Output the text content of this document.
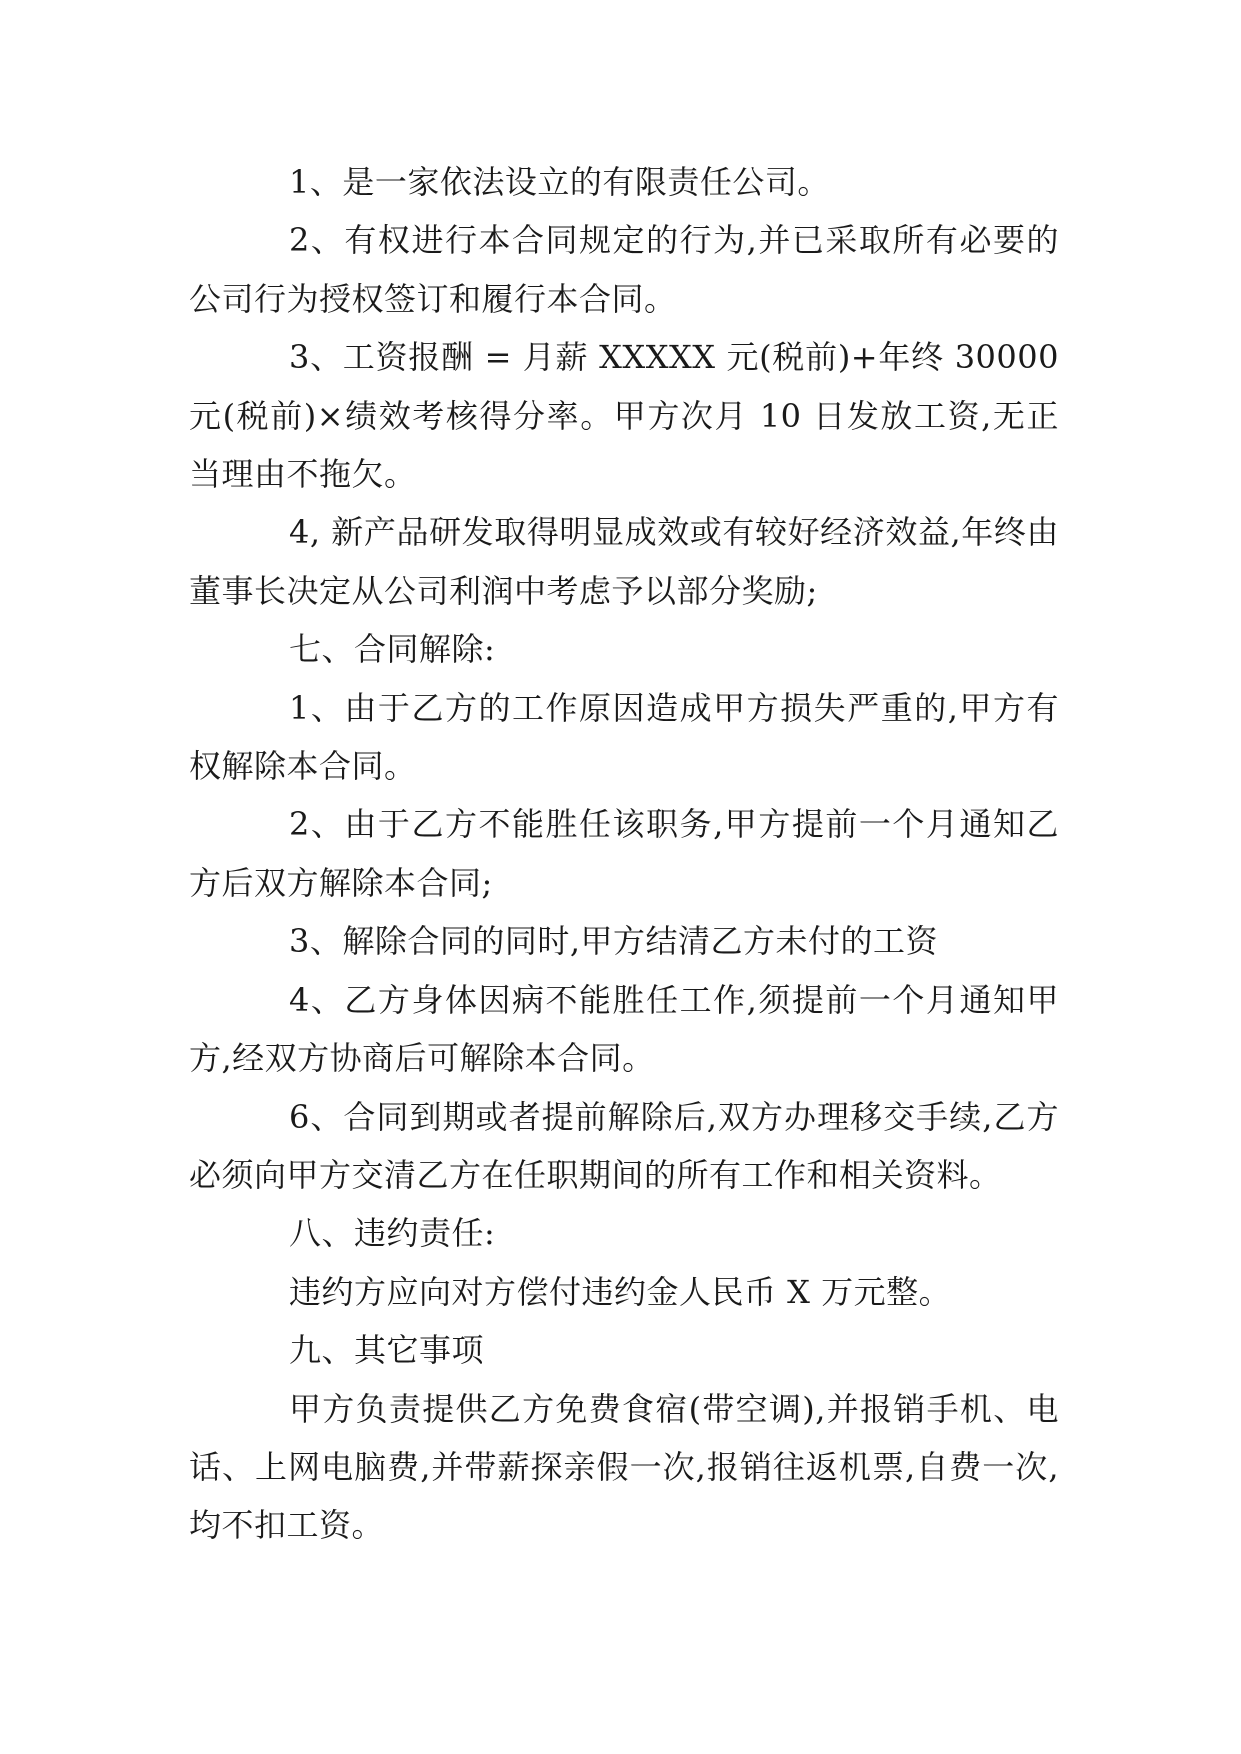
1、是一家依法设立的有限责任公司。

2、有权进行本合同规定的行为,并已采取所有必要的公司行为授权签订和履行本合同。

3、工资报酬 = 月薪 XXXXX 元(税前)+年终 30000 元(税前)×绩效考核得分率。甲方次月 10 日发放工资,无正当理由不拖欠。

4, 新产品研发取得明显成效或有较好经济效益,年终由董事长决定从公司利润中考虑予以部分奖励;

七、合同解除:

1、由于乙方的工作原因造成甲方损失严重的,甲方有权解除本合同。

2、由于乙方不能胜任该职务,甲方提前一个月通知乙方后双方解除本合同;

3、解除合同的同时,甲方结清乙方未付的工资

4、乙方身体因病不能胜任工作,须提前一个月通知甲方,经双方协商后可解除本合同。

6、合同到期或者提前解除后,双方办理移交手续,乙方必须向甲方交清乙方在任职期间的所有工作和相关资料。

八、违约责任:

违约方应向对方偿付违约金人民币 X 万元整。

九、其它事项

甲方负责提供乙方免费食宿(带空调),并报销手机、电话、上网电脑费,并带薪探亲假一次,报销往返机票,自费一次,均不扣工资。
